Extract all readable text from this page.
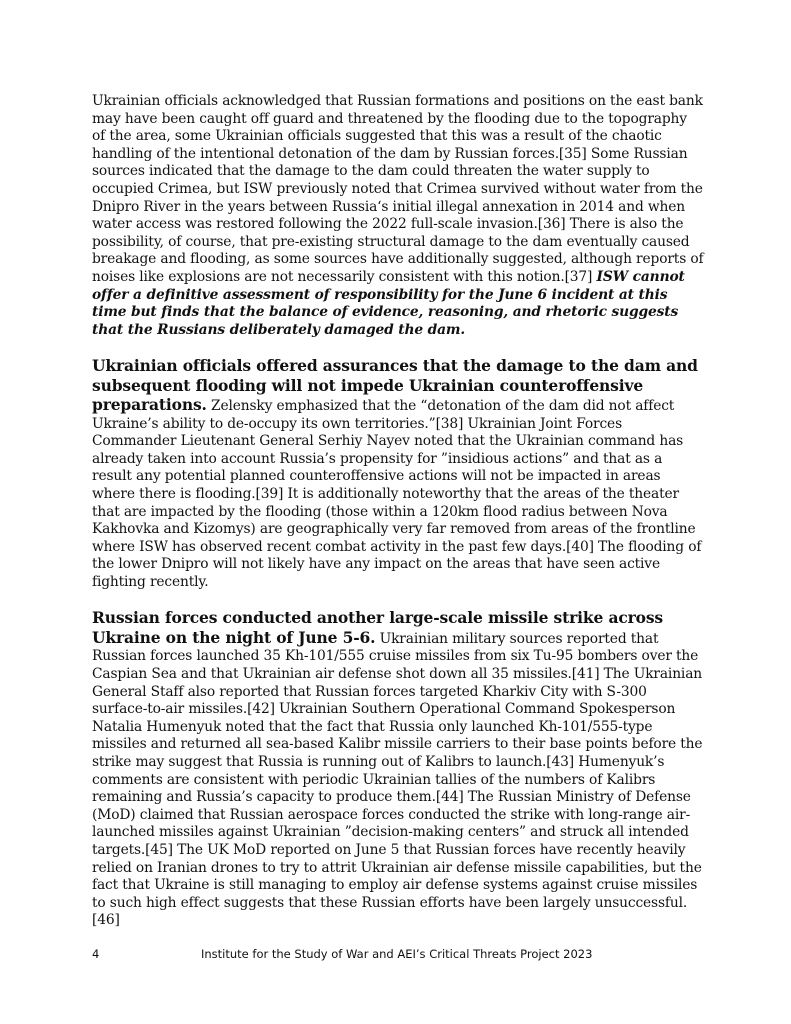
Ukrainian officials acknowledged that Russian formations and positions on the east bank may have been caught off guard and threatened by the flooding due to the topography of the area, some Ukrainian officials suggested that this was a result of the chaotic handling of the intentional detonation of the dam by Russian forces.[35] Some Russian sources indicated that the damage to the dam could threaten the water supply to occupied Crimea, but ISW previously noted that Crimea survived without water from the Dnipro River in the years between Russia‘s initial illegal annexation in 2014 and when water access was restored following the 2022 full-scale invasion.[36] There is also the possibility, of course, that pre-existing structural damage to the dam eventually caused breakage and flooding, as some sources have additionally suggested, although reports of noises like explosions are not necessarily consistent with this notion.[37] ISW cannot offer a definitive assessment of responsibility for the June 6 incident at this time but finds that the balance of evidence, reasoning, and rhetoric suggests that the Russians deliberately damaged the dam.

Ukrainian officials offered assurances that the damage to the dam and subsequent flooding will not impede Ukrainian counteroffensive preparations. Zelensky emphasized that the “detonation of the dam did not affect Ukraine’s ability to de-occupy its own territories.”[38] Ukrainian Joint Forces Commander Lieutenant General Serhiy Nayev noted that the Ukrainian command has already taken into account Russia’s propensity for ”insidious actions” and that as a result any potential planned counteroffensive actions will not be impacted in areas where there is flooding.[39] It is additionally noteworthy that the areas of the theater that are impacted by the flooding (those within a 120km flood radius between Nova Kakhovka and Kizomys) are geographically very far removed from areas of the frontline where ISW has observed recent combat activity in the past few days.[40] The flooding of the lower Dnipro will not likely have any impact on the areas that have seen active fighting recently.

Russian forces conducted another large-scale missile strike across Ukraine on the night of June 5-6. Ukrainian military sources reported that Russian forces launched 35 Kh-101/555 cruise missiles from six Tu-95 bombers over the Caspian Sea and that Ukrainian air defense shot down all 35 missiles.[41] The Ukrainian General Staff also reported that Russian forces targeted Kharkiv City with S-300 surface-to-air missiles.[42] Ukrainian Southern Operational Command Spokesperson Natalia Humenyuk noted that the fact that Russia only launched Kh-101/555-type missiles and returned all sea-based Kalibr missile carriers to their base points before the strike may suggest that Russia is running out of Kalibrs to launch.[43] Humenyuk’s comments are consistent with periodic Ukrainian tallies of the numbers of Kalibrs remaining and Russia’s capacity to produce them.[44] The Russian Ministry of Defense (MoD) claimed that Russian aerospace forces conducted the strike with long-range air-launched missiles against Ukrainian ”decision-making centers” and struck all intended targets.[45] The UK MoD reported on June 5 that Russian forces have recently heavily relied on Iranian drones to try to attrit Ukrainian air defense missile capabilities, but the fact that Ukraine is still managing to employ air defense systems against cruise missiles to such high effect suggests that these Russian efforts have been largely unsuccessful.[46]

4	Institute for the Study of War and AEI’s Critical Threats Project 2023
